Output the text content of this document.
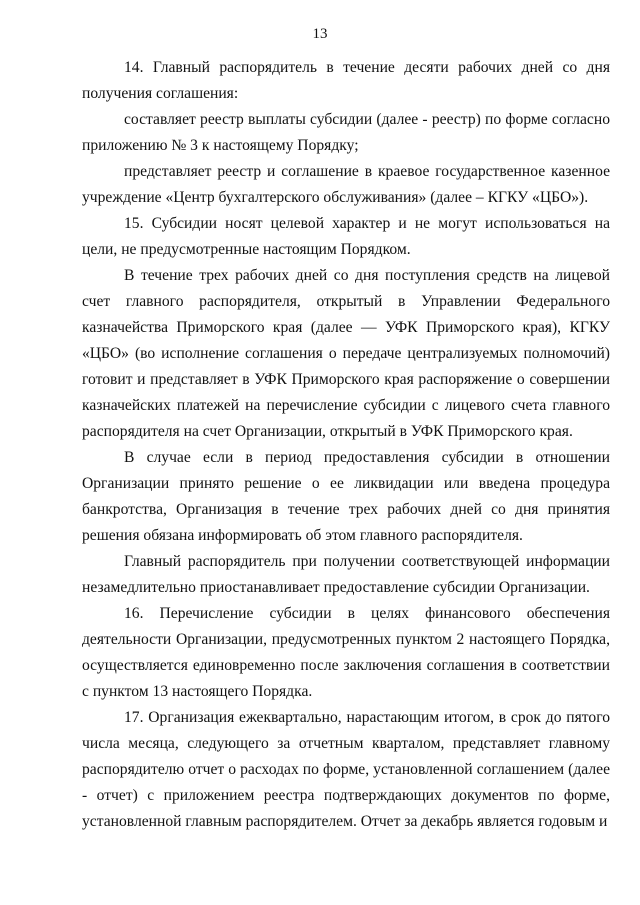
13

14. Главный распорядитель в течение десяти рабочих дней со дня получения соглашения:

составляет реестр выплаты субсидии (далее - реестр) по форме согласно приложению № 3 к настоящему Порядку;

представляет реестр и соглашение в краевое государственное казенное учреждение «Центр бухгалтерского обслуживания» (далее – КГКУ «ЦБО»).

15. Субсидии носят целевой характер и не могут использоваться на цели, не предусмотренные настоящим Порядком.

В течение трех рабочих дней со дня поступления средств на лицевой счет главного распорядителя, открытый в Управлении Федерального казначейства Приморского края (далее — УФК Приморского края), КГКУ «ЦБО» (во исполнение соглашения о передаче централизуемых полномочий) готовит и представляет в УФК Приморского края распоряжение о совершении казначейских платежей на перечисление субсидии с лицевого счета главного распорядителя на счет Организации, открытый в УФК Приморского края.

В случае если в период предоставления субсидии в отношении Организации принято решение о ее ликвидации или введена процедура банкротства, Организация в течение трех рабочих дней со дня принятия решения обязана информировать об этом главного распорядителя.

Главный распорядитель при получении соответствующей информации незамедлительно приостанавливает предоставление субсидии Организации.

16. Перечисление субсидии в целях финансового обеспечения деятельности Организации, предусмотренных пунктом 2 настоящего Порядка, осуществляется единовременно после заключения соглашения в соответствии с пунктом 13 настоящего Порядка.

17. Организация ежеквартально, нарастающим итогом, в срок до пятого числа месяца, следующего за отчетным кварталом, представляет главному распорядителю отчет о расходах по форме, установленной соглашением (далее - отчет) с приложением реестра подтверждающих документов по форме, установленной главным распорядителем. Отчет за декабрь является годовым и
